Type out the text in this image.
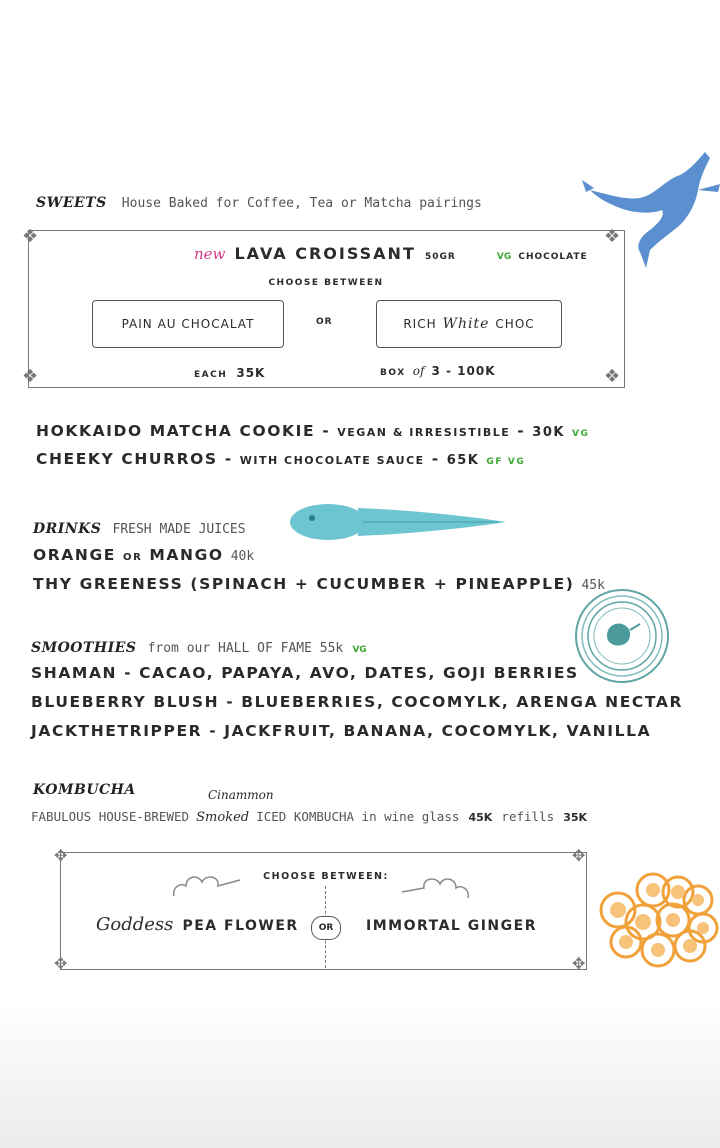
SWEETS House Baked for Coffee, Tea or Matcha pairings
❖	❖
❖	❖
new LAVA CROISSANT 50GR	VG CHOCOLATE
CHOOSE BETWEEN
PAIN AU CHOCALAT	OR	RICH White CHOC
EACH 35K	BOX of 3 - 100K
HOKKAIDO MATCHA COOKIE - VEGAN & IRRESISTIBLE - 30K VG
CHEEKY CHURROS - WITH CHOCOLATE SAUCE - 65K GF VG
DRINKS FRESH MADE JUICES
ORANGE OR MANGO 40k
THY GREENESS (SPINACH + CUCUMBER + PINEAPPLE) 45k
SMOOTHIES from our HALL OF FAME 55k VG
SHAMAN - CACAO, PAPAYA, AVO, DATES, GOJI BERRIES
BLUEBERRY BLUSH - BLUEBERRIES, COCOMYLK, ARENGA NECTAR
JACKTHETRIPPER - JACKFRUIT, BANANA, COCOMYLK, VANILLA
KOMBUCHA
FABULOUS HOUSE-BREWED Smoked ICED KOMBUCHA in wine glass 45K refills 35K
Cinammon
✥	✥
✥	✥
CHOOSE BETWEEN:
Goddess PEA FLOWER OR IMMORTAL GINGER
